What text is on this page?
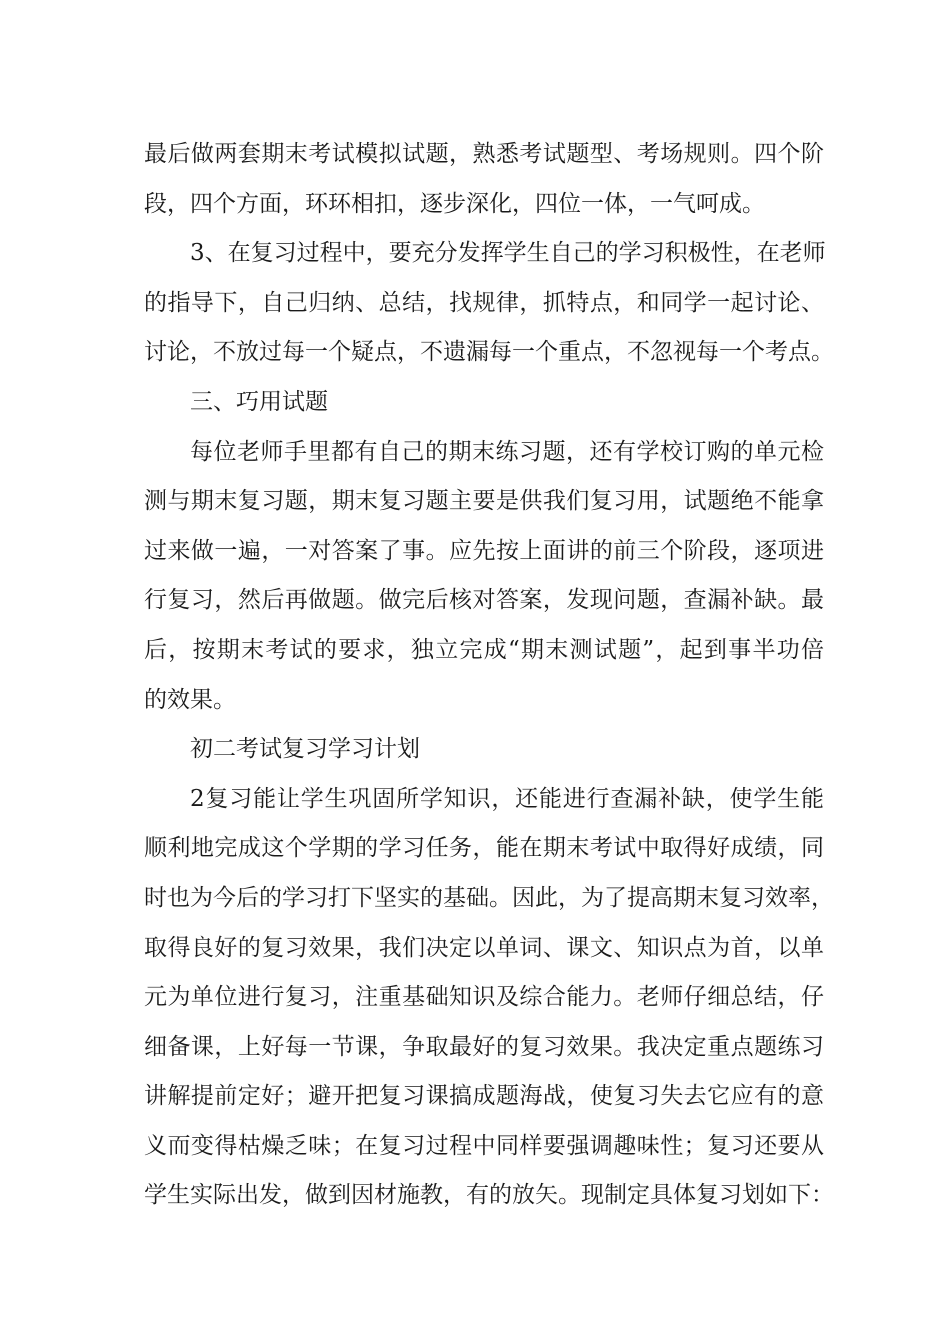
最后做两套期末考试模拟试题，熟悉考试题型、考场规则。四个阶
段，四个方面，环环相扣，逐步深化，四位一体，一气呵成。
3、在复习过程中，要充分发挥学生自己的学习积极性，在老师
的指导下，自己归纳、总结，找规律，抓特点，和同学一起讨论、
讨论，不放过每一个疑点，不遗漏每一个重点，不忽视每一个考点。
三、巧用试题
每位老师手里都有自己的期末练习题，还有学校订购的单元检
测与期末复习题，期末复习题主要是供我们复习用，试题绝不能拿
过来做一遍，一对答案了事。应先按上面讲的前三个阶段，逐项进
行复习，然后再做题。做完后核对答案，发现问题，查漏补缺。最
后，按期末考试的要求，独立完成“期末测试题”，起到事半功倍
的效果。
初二考试复习学习计划
2复习能让学生巩固所学知识，还能进行查漏补缺，使学生能
顺利地完成这个学期的学习任务，能在期末考试中取得好成绩，同
时也为今后的学习打下坚实的基础。因此，为了提高期末复习效率，
取得良好的复习效果，我们决定以单词、课文、知识点为首，以单
元为单位进行复习，注重基础知识及综合能力。老师仔细总结，仔
细备课，上好每一节课，争取最好的复习效果。我决定重点题练习
讲解提前定好；避开把复习课搞成题海战，使复习失去它应有的意
义而变得枯燥乏味；在复习过程中同样要强调趣味性；复习还要从
学生实际出发，做到因材施教，有的放矢。现制定具体复习划如下：
